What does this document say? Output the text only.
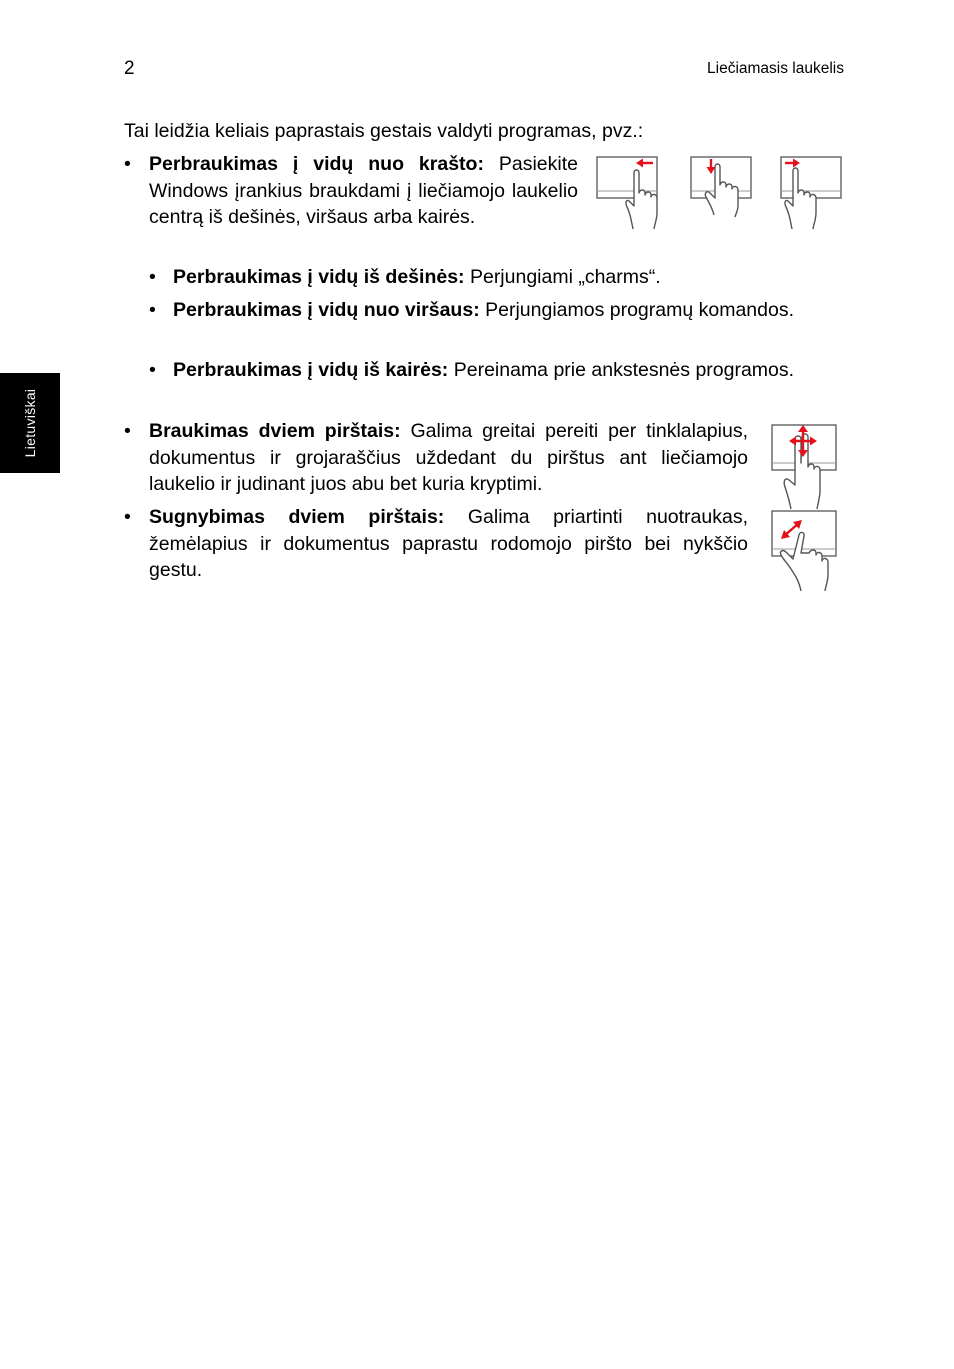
2	Liečiamasis laukelis
Lietuviškai
Tai leidžia keliais paprastais gestais valdyti programas, pvz.:
• Perbraukimas į vidų nuo krašto: Pasiekite Windows įrankius braukdami į liečiamojo laukelio centrą iš dešinės, viršaus arba kairės.
• Perbraukimas į vidų iš dešinės: Perjungiami „charms“.
• Perbraukimas į vidų nuo viršaus: Perjungiamos programų komandos.
• Perbraukimas į vidų iš kairės: Pereinama prie ankstesnės programos.
• Braukimas dviem pirštais: Galima greitai pereiti per tinklalapius, dokumentus ir grojaraščius uždedant du pirštus ant liečiamojo laukelio ir judinant juos abu bet kuria kryptimi.
• Sugnybimas dviem pirštais: Galima priartinti nuotraukas, žemėlapius ir dokumentus paprastu rodomojo piršto bei nykščio gestu.
